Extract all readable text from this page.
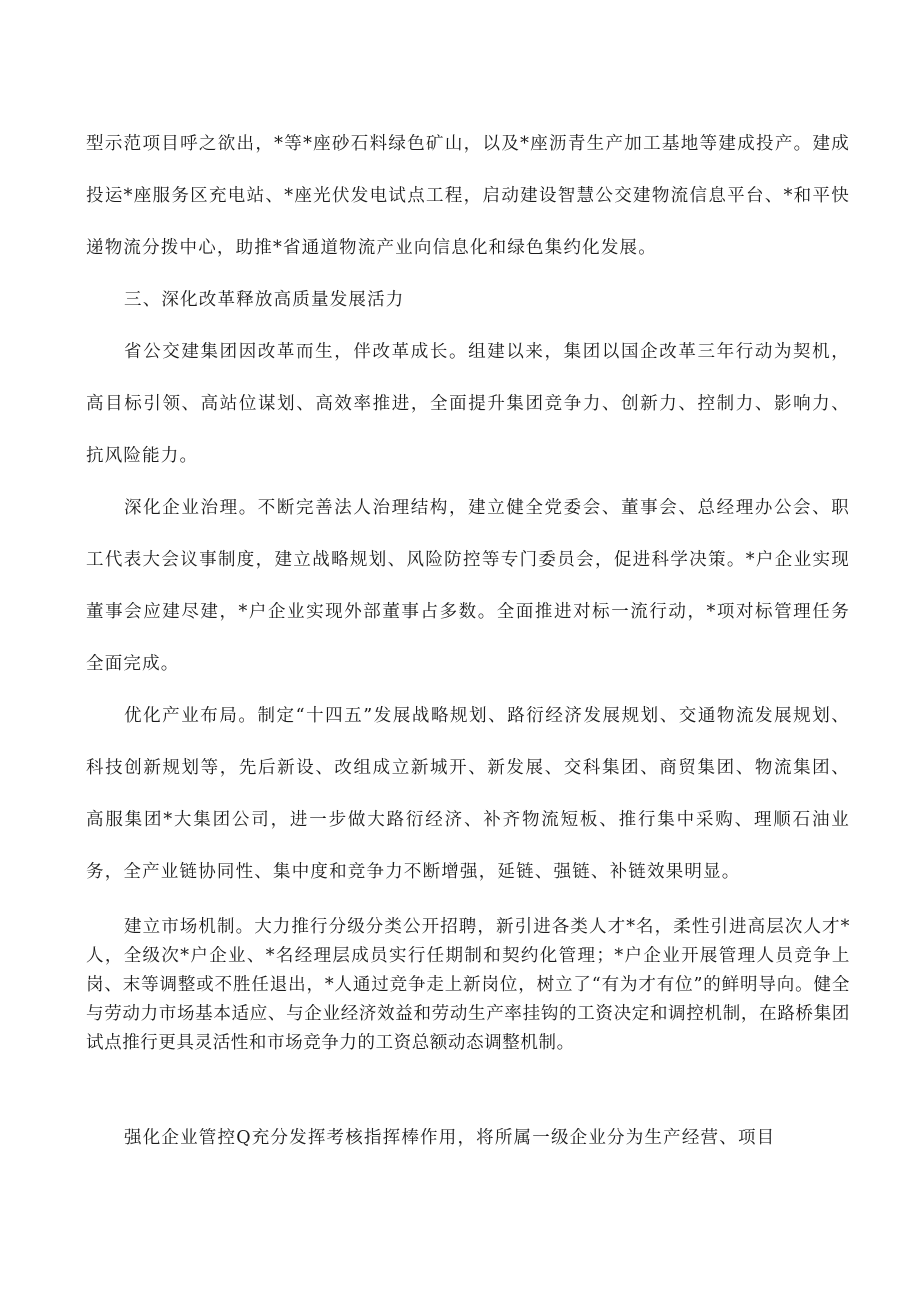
型示范项目呼之欲出，*等*座砂石料绿色矿山，以及*座沥青生产加工基地等建成投产。建成投运*座服务区充电站、*座光伏发电试点工程，启动建设智慧公交建物流信息平台、*和平快递物流分拨中心，助推*省通道物流产业向信息化和绿色集约化发展。

三、深化改革释放高质量发展活力

省公交建集团因改革而生，伴改革成长。组建以来，集团以国企改革三年行动为契机，高目标引领、高站位谋划、高效率推进，全面提升集团竞争力、创新力、控制力、影响力、抗风险能力。

深化企业治理。不断完善法人治理结构，建立健全党委会、董事会、总经理办公会、职工代表大会议事制度，建立战略规划、风险防控等专门委员会，促进科学决策。*户企业实现董事会应建尽建，*户企业实现外部董事占多数。全面推进对标一流行动，*项对标管理任务全面完成。

优化产业布局。制定“十四五”发展战略规划、路衍经济发展规划、交通物流发展规划、科技创新规划等，先后新设、改组成立新城开、新发展、交科集团、商贸集团、物流集团、高服集团*大集团公司，进一步做大路衍经济、补齐物流短板、推行集中采购、理顺石油业务，全产业链协同性、集中度和竞争力不断增强，延链、强链、补链效果明显。

建立市场机制。大力推行分级分类公开招聘，新引进各类人才*名，柔性引进高层次人才*人，全级次*户企业、*名经理层成员实行任期制和契约化管理；*户企业开展管理人员竞争上岗、末等调整或不胜任退出，*人通过竞争走上新岗位，树立了“有为才有位”的鲜明导向。健全与劳动力市场基本适应、与企业经济效益和劳动生产率挂钩的工资决定和调控机制，在路桥集团试点推行更具灵活性和市场竞争力的工资总额动态调整机制。

强化企业管控Q充分发挥考核指挥棒作用，将所属一级企业分为生产经营、项目
